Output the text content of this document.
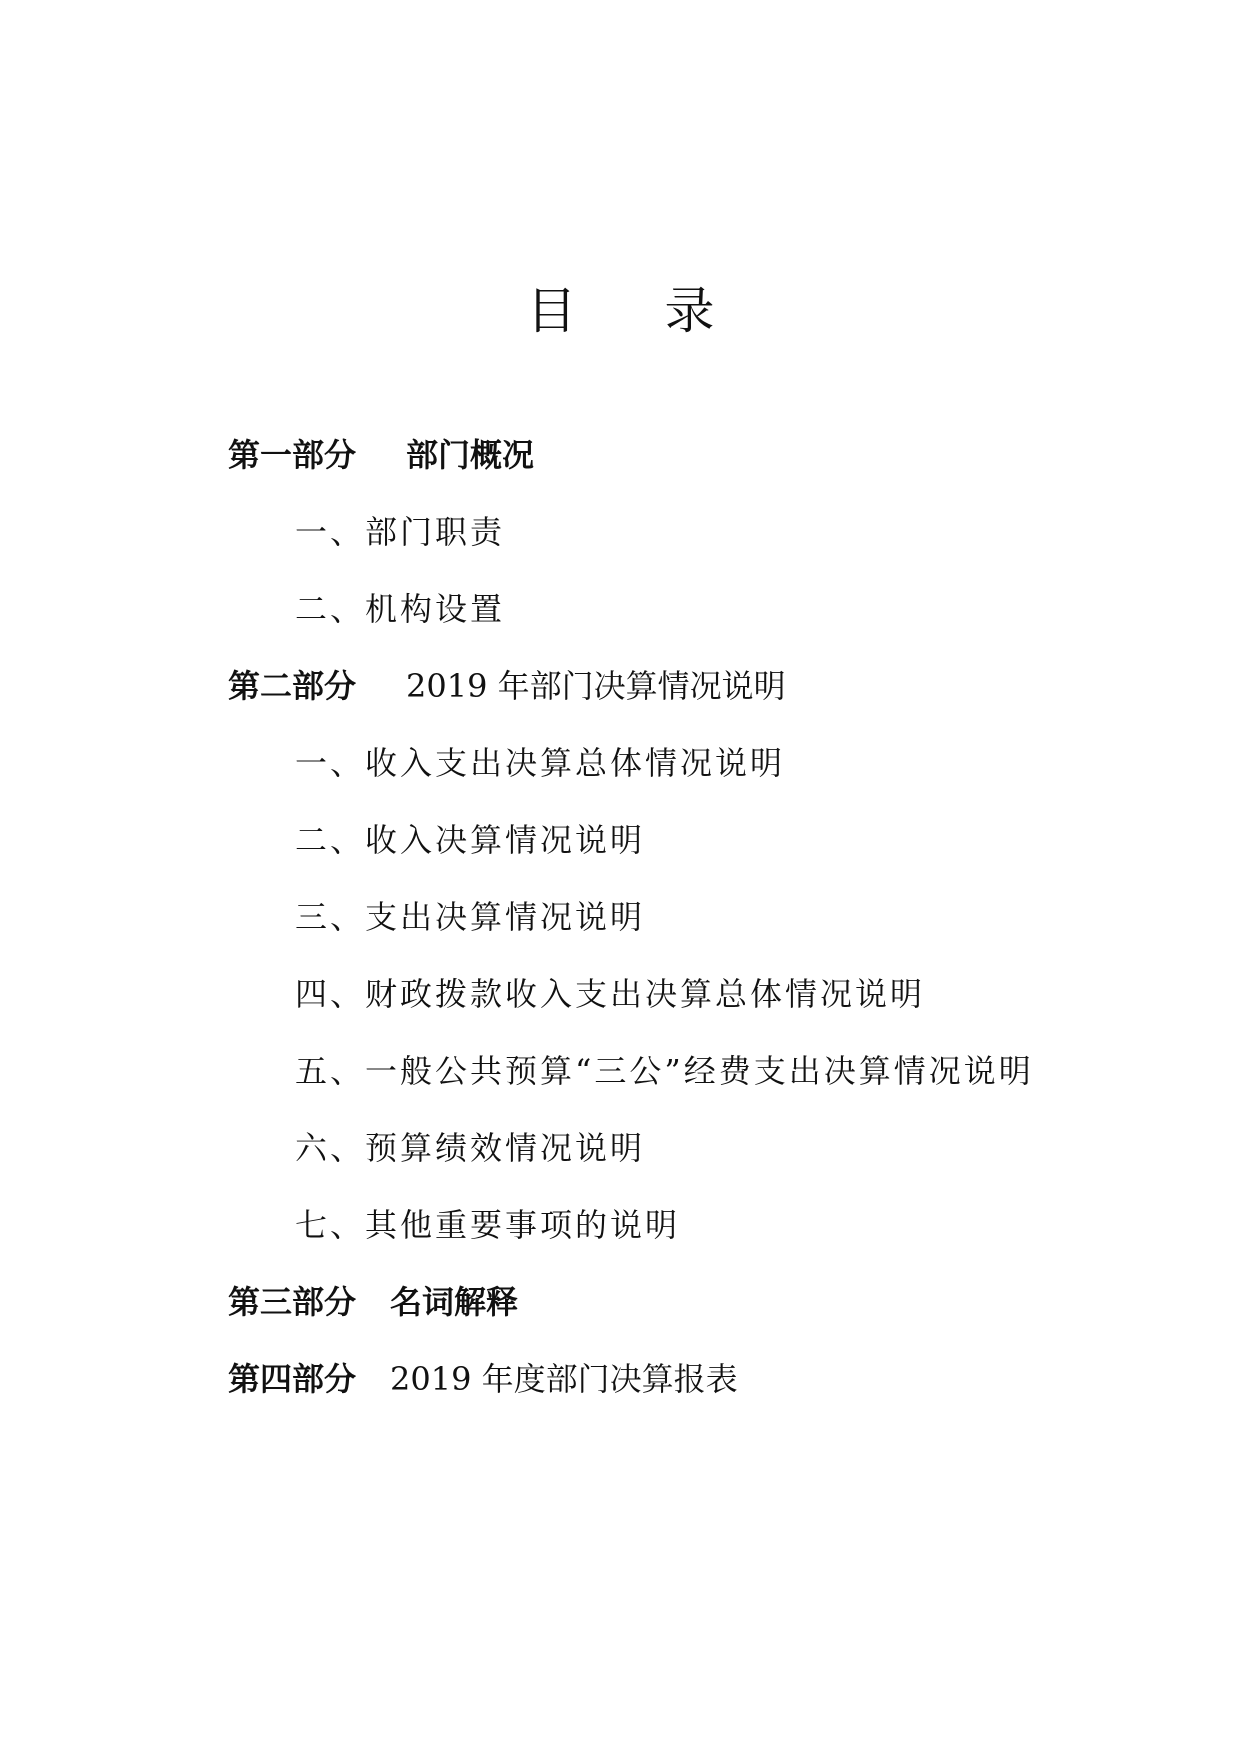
目 录
第一部分 部门概况
一、部门职责
二、机构设置
第二部分 2019 年部门决算情况说明
一、收入支出决算总体情况说明
二、收入决算情况说明
三、支出决算情况说明
四、财政拨款收入支出决算总体情况说明
五、一般公共预算“三公”经费支出决算情况说明
六、预算绩效情况说明
七、其他重要事项的说明
第三部分 名词解释
第四部分 2019 年度部门决算报表
